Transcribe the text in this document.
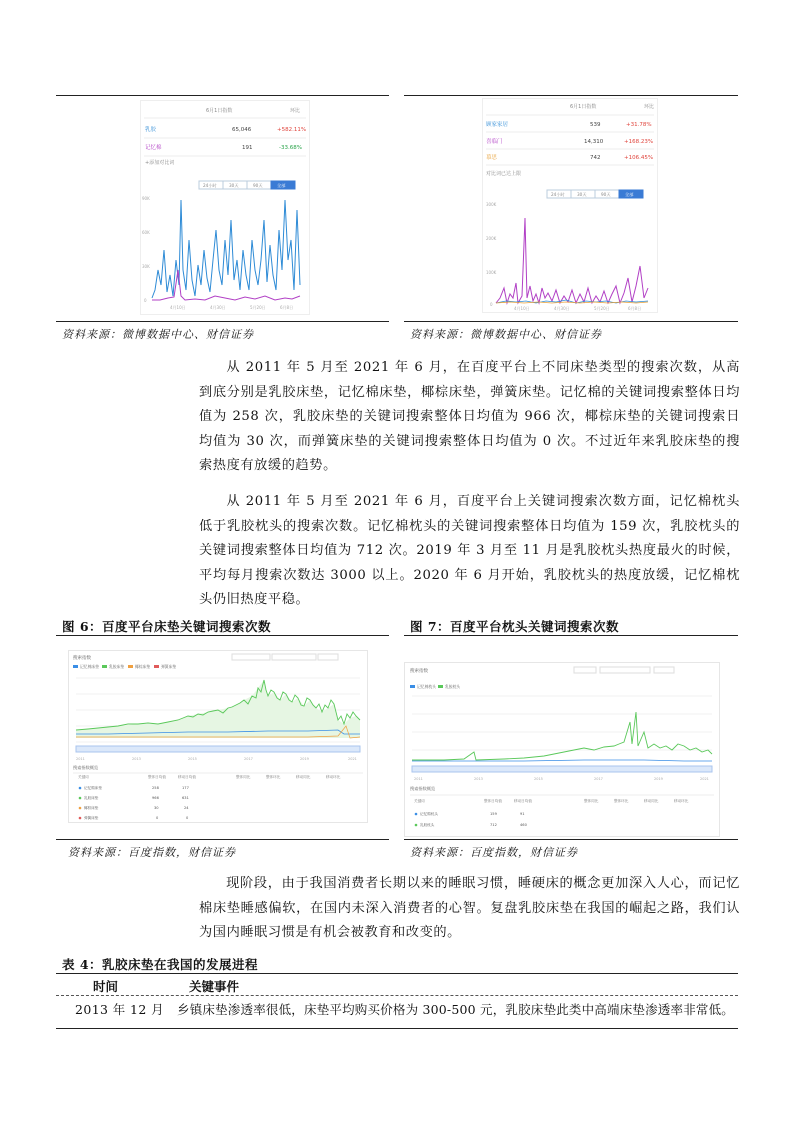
6月1日指数	环比
乳胶	65,046	+582.11%
记忆棉	191	-33.68%
+添加对比词
24小时	30天	90天	全部
90K
60K
30K
0
4月10日	4月30日	5月20日	6月8日
6月1日指数	环比
顾家家居	539	+31.78%
喜临门	14,310	+168.23%
慕思	742	+106.45%
对比词已达上限
24小时	30天	90天	全部
300K
200K
100K
0
4月10日	4月30日	5月20日	6月8日
资料来源：微博数据中心、财信证券	资料来源：微博数据中心、财信证券
从 2011 年 5 月至 2021 年 6 月，在百度平台上不同床垫类型的搜索次数，从高到底分别是乳胶床垫，记忆棉床垫，椰棕床垫，弹簧床垫。记忆棉的关键词搜索整体日均值为 258 次，乳胶床垫的关键词搜索整体日均值为 966 次，椰棕床垫的关键词搜索日均值为 30 次，而弹簧床垫的关键词搜索整体日均值为 0 次。不过近年来乳胶床垫的搜索热度有放缓的趋势。
从 2011 年 5 月至 2021 年 6 月，百度平台上关键词搜索次数方面，记忆棉枕头低于乳胶枕头的搜索次数。记忆棉枕头的关键词搜索整体日均值为 159 次，乳胶枕头的关键词搜索整体日均值为 712 次。2019 年 3 月至 11 月是乳胶枕头热度最火的时候，平均每月搜索次数达 3000 以上。2020 年 6 月开始，乳胶枕头的热度放缓，记忆棉枕头仍旧热度平稳。
图 6：百度平台床垫关键词搜索次数	图 7：百度平台枕头关键词搜索次数
搜索指数
记忆棉床垫	乳胶床垫	椰棕床垫	弹簧床垫
2011	2013	2015	2017	2019	2021
搜索指数概览
关键词	整体日均值	移动日均值	整体同比	整体环比	移动同比	移动环比
记忆棉床垫	258	177
乳胶床垫	966	631
椰棕床垫	30	24
弹簧床垫	0	0
搜索指数
记忆棉枕头 乳胶枕头
2011	2013	2015	2017	2019	2021
搜索指数概览
关键词	整体日均值	移动日均值	整体同比	整体环比	移动同比	移动环比
记忆棉枕头	159	91
乳胶枕头	712	460
资料来源：百度指数，财信证券	资料来源：百度指数，财信证券
现阶段，由于我国消费者长期以来的睡眠习惯，睡硬床的概念更加深入人心，而记忆棉床垫睡感偏软，在国内未深入消费者的心智。复盘乳胶床垫在我国的崛起之路，我们认为国内睡眠习惯是有机会被教育和改变的。
表 4：乳胶床垫在我国的发展进程
时间	关键事件
2013 年 12 月 乡镇床垫渗透率很低，床垫平均购买价格为 300-500 元，乳胶床垫此类中高端床垫渗透率非常低。
